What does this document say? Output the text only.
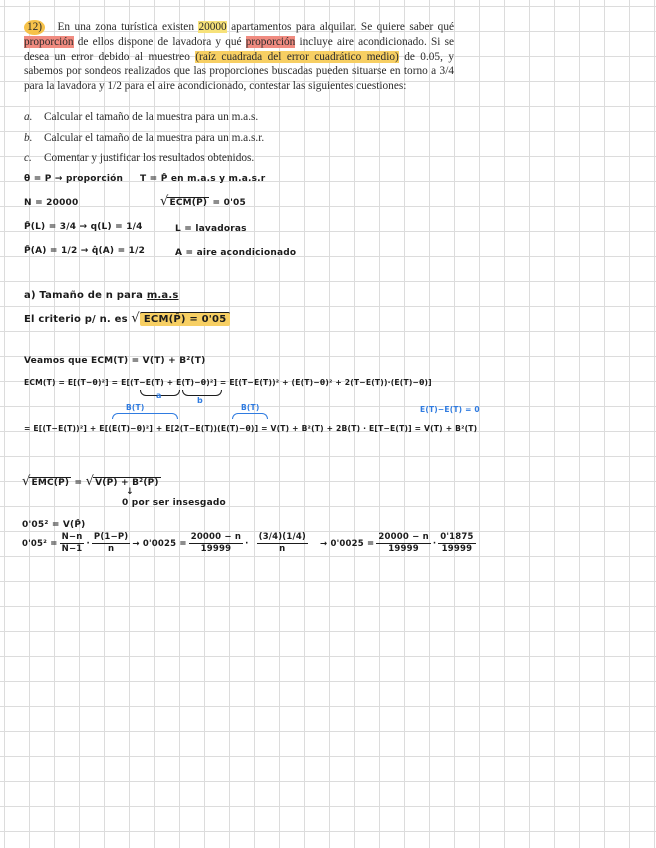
12) En una zona turística existen 20000 apartamentos para alquilar. Se quiere saber qué proporción de ellos dispone de lavadora y qué proporción incluye aire acondicionado. Si se desea un error debido al muestreo (raíz cuadrada del error cuadrático medio) de 0.05, y sabemos por sondeos realizados que las proporciones buscadas pueden situarse en torno a 3/4 para la lavadora y 1/2 para el aire acondicionado, contestar las siguientes cuestiones:
a. Calcular el tamaño de la muestra para un m.a.s.
b. Calcular el tamaño de la muestra para un m.a.s.r.
c. Comentar y justificar los resultados obtenidos.
θ = P → proporción T = P̂ en m.a.s y m.a.s.r
N = 20000	√ECM(P̂) = 0'05
P̂(L) = 3/4 → q(L) = 1/4	L = lavadoras
P̂(A) = 1/2 → q̂(A) = 1/2	A = aire acondicionado
a) Tamaño de n para m.a.s
El criterio p/ n. es √ ECM(P̂) = 0'05
Veamos que ECM(T) = V(T) + B²(T)
ECM(T) = E[(T−θ)²] = E[(T−E(T) + E(T)−θ)²] = E[(T−E(T))² + (E(T)−θ)² + 2(T−E(T))·(E(T)−θ)]
a
b
B(T)	B(T)	E(T)−E(T) = 0
= E[(T−E(T))²] + E[(E(T)−θ)²] + E[2(T−E(T))(E(T)−θ)] = V(T) + B²(T) + 2B(T) · E[T−E(T)] = V(T) + B²(T)
√EMC(P̂) = √V(P̂) + B²(P̂)
↓
0 por ser insesgado
0'05² = V(P̂)
$0'05^2 = \frac{N-n}{N-1} \cdot \frac{P(1-P)}{n} \to 0'0025 = \frac{20000 - n}{19999} \cdot \frac{(3/4)(1/4)}{n} \to 0'0025 = \frac{20000 - n}{19999} \cdot \frac{0'1875}{19999}$
